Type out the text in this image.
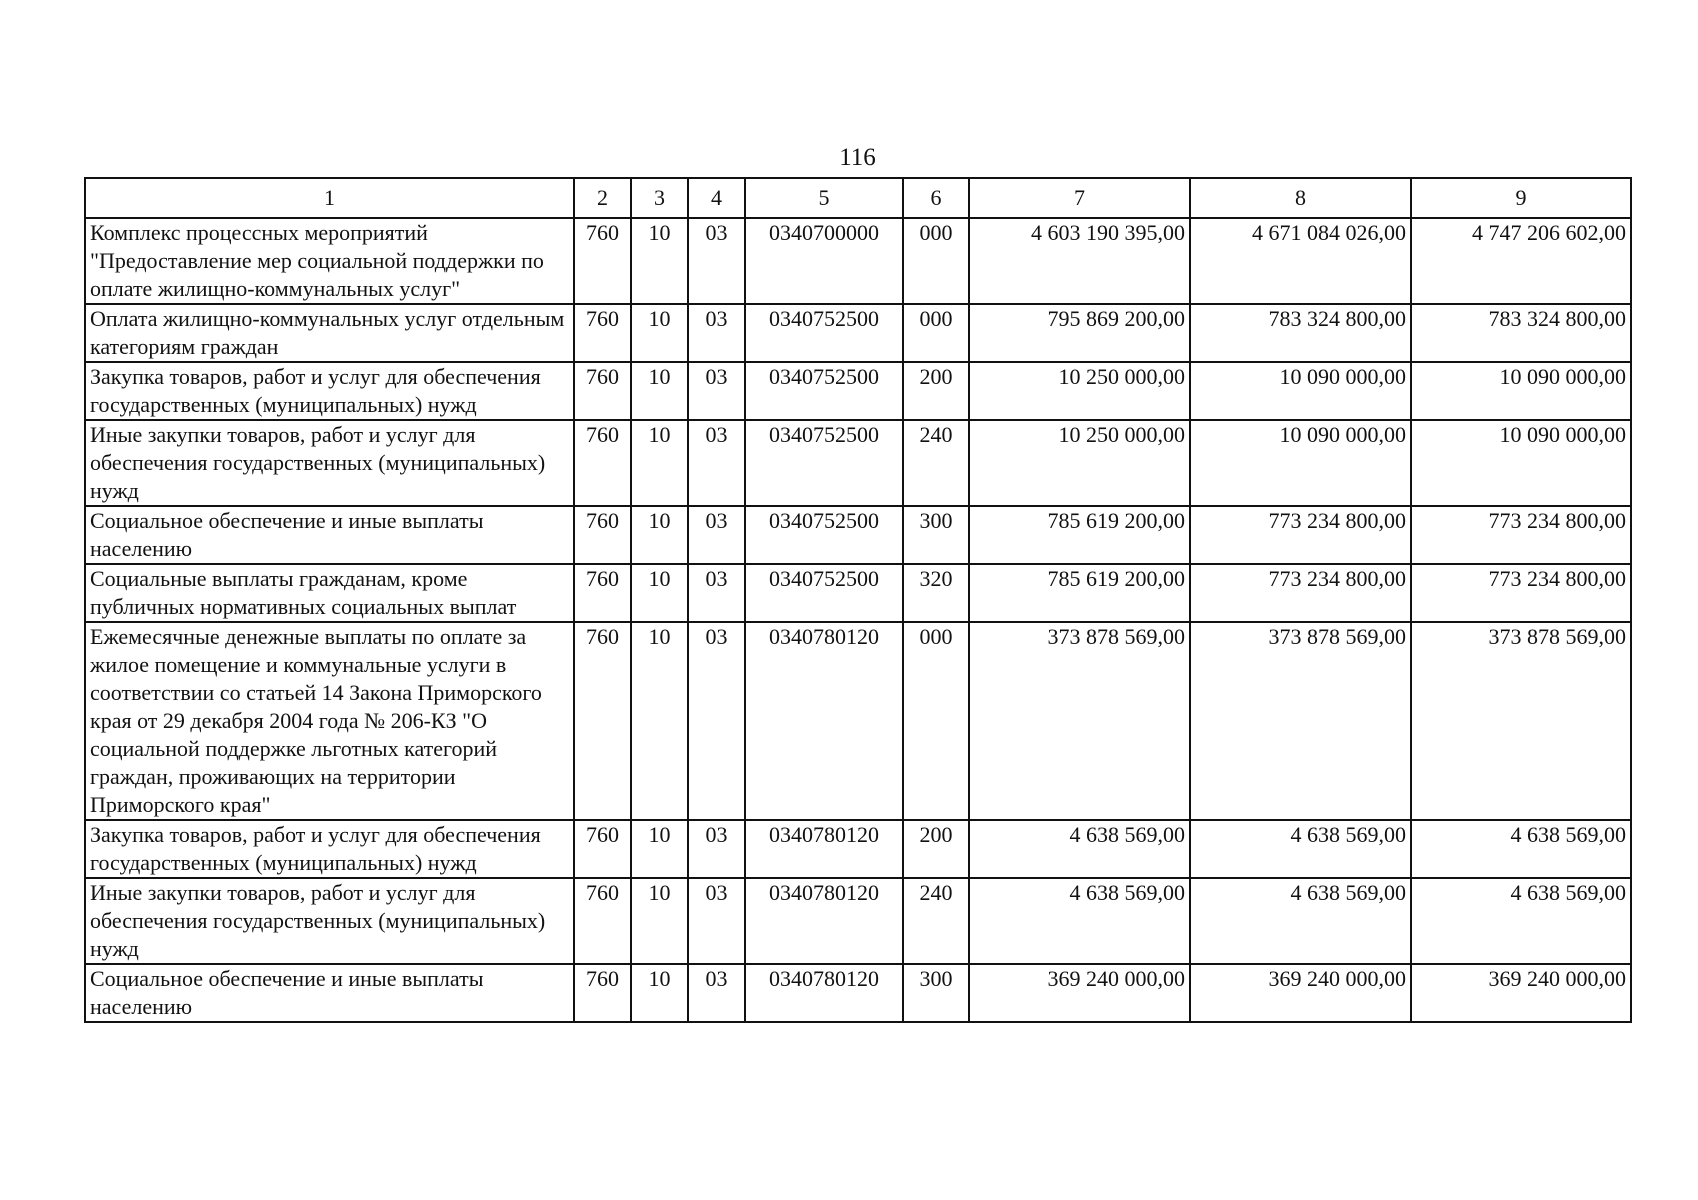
116
1	2	3	4	5	6	7	8	9
Комплекс процессных мероприятий "Предоставление мер социальной поддержки по оплате жилищно-коммунальных услуг"	760	10	03	0340700000	000	4 603 190 395,00	4 671 084 026,00	4 747 206 602,00
Оплата жилищно-коммунальных услуг отдельным категориям граждан	760	10	03	0340752500	000	795 869 200,00	783 324 800,00	783 324 800,00
Закупка товаров, работ и услуг для обеспечения государственных (муниципальных) нужд	760	10	03	0340752500	200	10 250 000,00	10 090 000,00	10 090 000,00
Иные закупки товаров, работ и услуг для обеспечения государственных (муниципальных) нужд	760	10	03	0340752500	240	10 250 000,00	10 090 000,00	10 090 000,00
Социальное обеспечение и иные выплаты населению	760	10	03	0340752500	300	785 619 200,00	773 234 800,00	773 234 800,00
Социальные выплаты гражданам, кроме публичных нормативных социальных выплат	760	10	03	0340752500	320	785 619 200,00	773 234 800,00	773 234 800,00
Ежемесячные денежные выплаты по оплате за жилое помещение и коммунальные услуги в соответствии со статьей 14 Закона Приморского края от 29 декабря 2004 года № 206-КЗ "О социальной поддержке льготных категорий граждан, проживающих на территории Приморского края"	760	10	03	0340780120	000	373 878 569,00	373 878 569,00	373 878 569,00
Закупка товаров, работ и услуг для обеспечения государственных (муниципальных) нужд	760	10	03	0340780120	200	4 638 569,00	4 638 569,00	4 638 569,00
Иные закупки товаров, работ и услуг для обеспечения государственных (муниципальных) нужд	760	10	03	0340780120	240	4 638 569,00	4 638 569,00	4 638 569,00
Социальное обеспечение и иные выплаты населению	760	10	03	0340780120	300	369 240 000,00	369 240 000,00	369 240 000,00
